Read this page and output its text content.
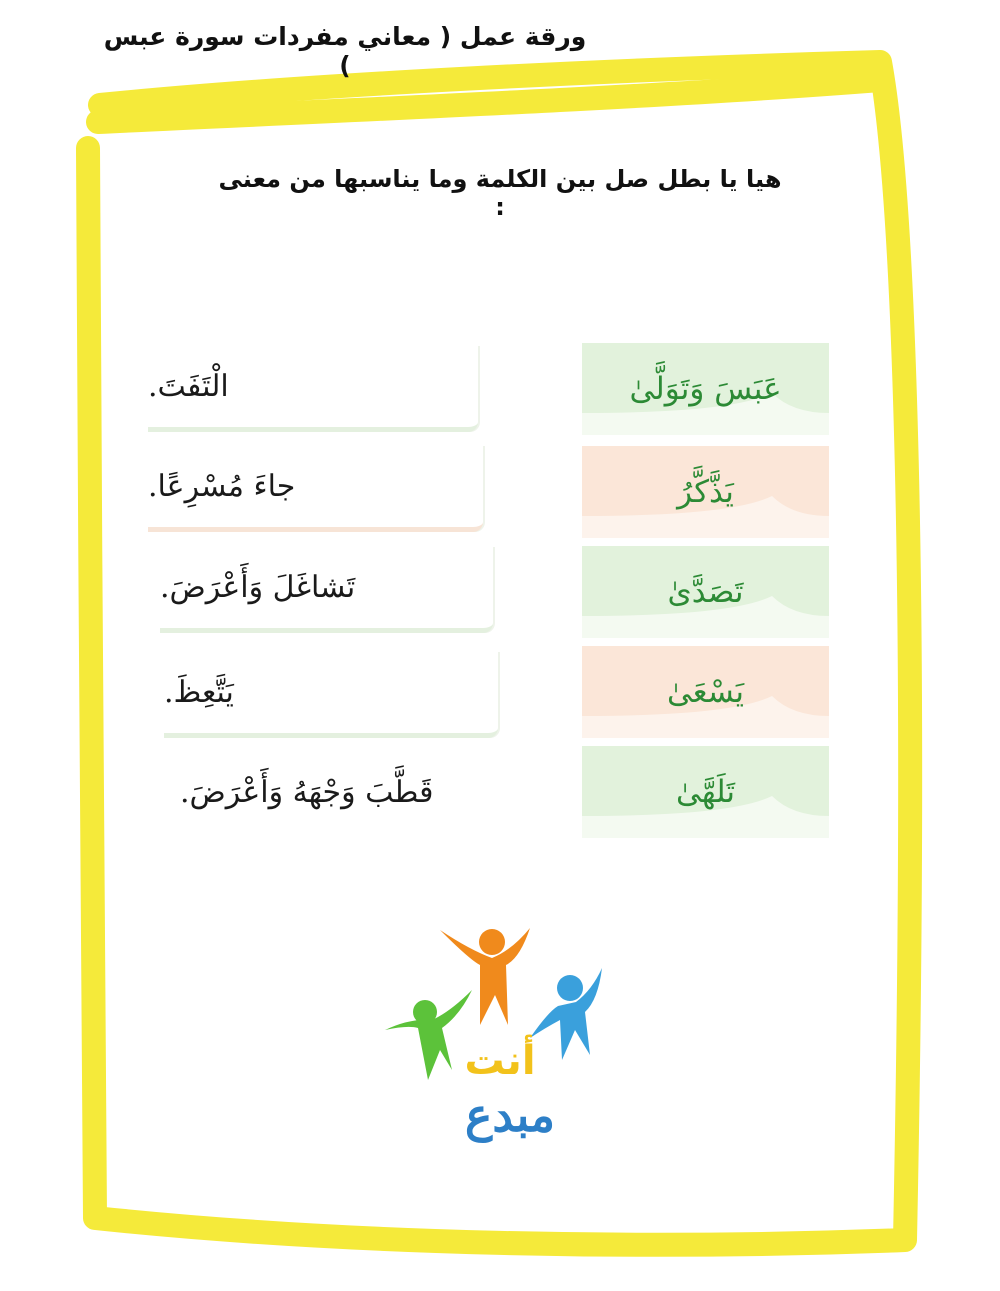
ورقة عمل ( معاني مفردات سورة عبس )
هيا يا بطل صل بين الكلمة وما يناسبها من معنى :
عَبَسَ وَتَوَلَّىٰ
يَذَّكَّرُ
تَصَدَّىٰ
يَسْعَىٰ
تَلَهَّىٰ
الْتَفَتَ.
جاءَ مُسْرِعًا.
تَشاغَلَ وَأَعْرَضَ.
يَتَّعِظَ.
قَطَّبَ وَجْهَهُ وَأَعْرَضَ.
أنت
مبدع
